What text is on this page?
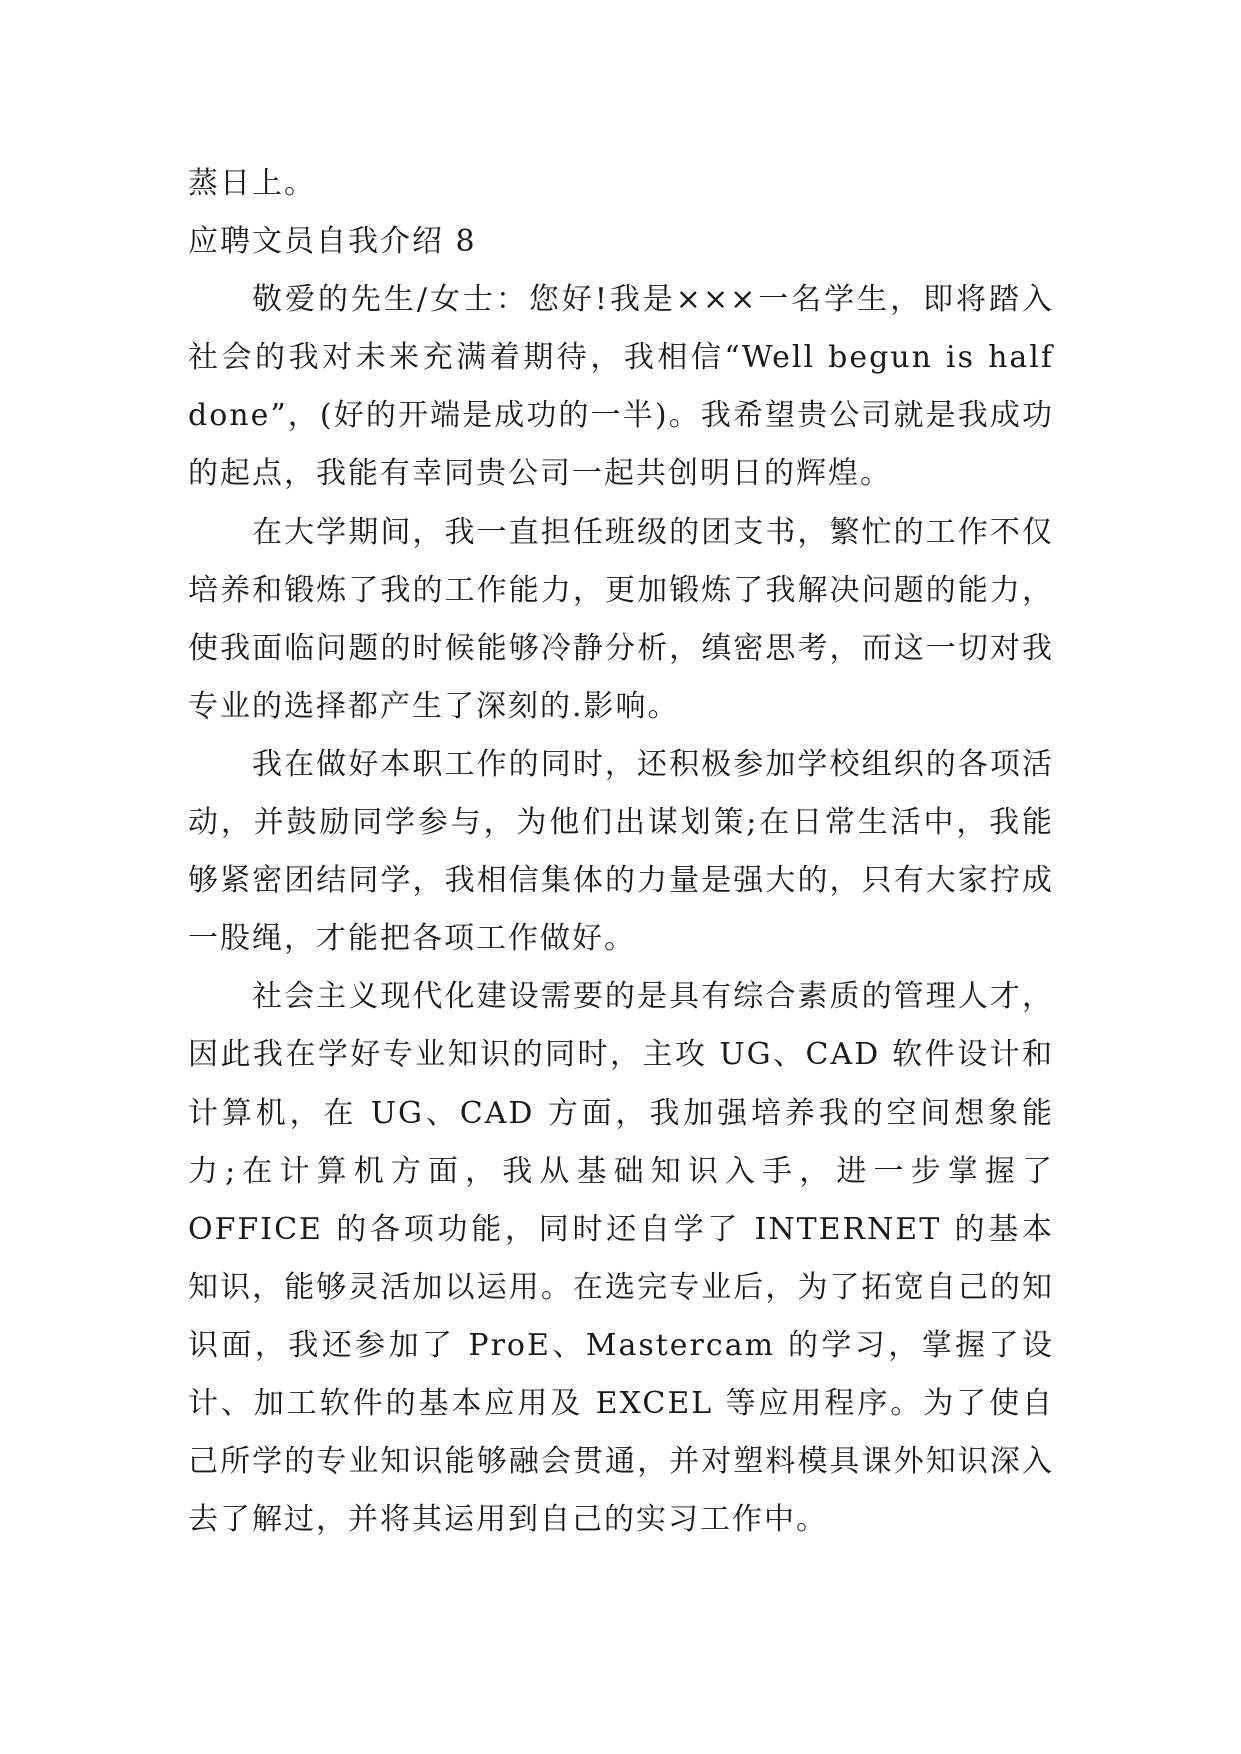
蒸日上。

应聘文员自我介绍 8

敬爱的先生/女士：您好!我是×××一名学生，即将踏入社会的我对未来充满着期待，我相信“Well begun is half done”，(好的开端是成功的一半)。我希望贵公司就是我成功的起点，我能有幸同贵公司一起共创明日的辉煌。

在大学期间，我一直担任班级的团支书，繁忙的工作不仅培养和锻炼了我的工作能力，更加锻炼了我解决问题的能力，使我面临问题的时候能够冷静分析，缜密思考，而这一切对我专业的选择都产生了深刻的.影响。

我在做好本职工作的同时，还积极参加学校组织的各项活动，并鼓励同学参与，为他们出谋划策;在日常生活中，我能够紧密团结同学，我相信集体的力量是强大的，只有大家拧成一股绳，才能把各项工作做好。

社会主义现代化建设需要的是具有综合素质的管理人才，因此我在学好专业知识的同时，主攻 UG、CAD 软件设计和计算机，在 UG、CAD 方面，我加强培养我的空间想象能力;在计算机方面，我从基础知识入手，进一步掌握了 OFFICE 的各项功能，同时还自学了 INTERNET 的基本知识，能够灵活加以运用。在选完专业后，为了拓宽自己的知识面，我还参加了 ProE、Mastercam 的学习，掌握了设计、加工软件的基本应用及 EXCEL 等应用程序。为了使自己所学的专业知识能够融会贯通，并对塑料模具课外知识深入去了解过，并将其运用到自己的实习工作中。
